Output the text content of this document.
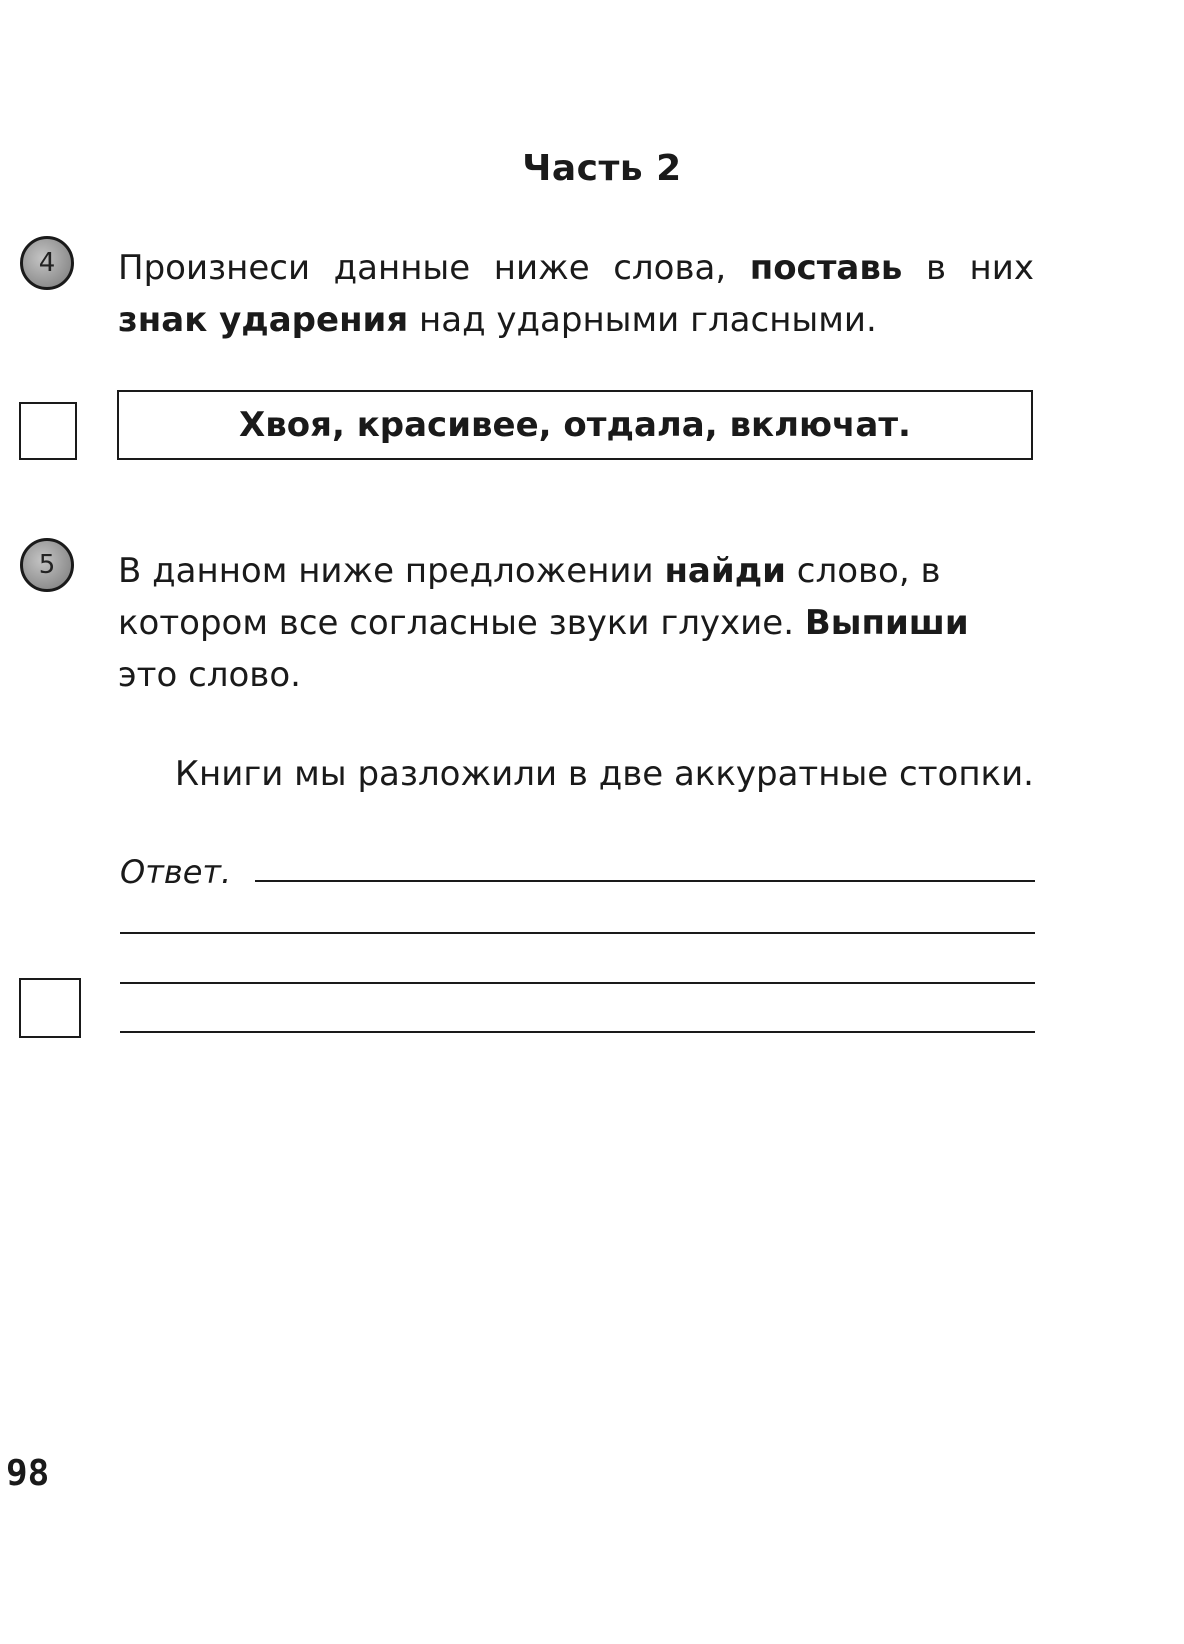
Часть 2
4 Произнеси данные ниже слова, поставь в них знак ударения над ударными гласными.
Хвоя, красивее, отдала, включат.
5 В данном ниже предложении найди слово, в котором все согласные звуки глухие. Выпиши это слово.
Книги мы разложили в две аккуратные стопки.
Ответ.
98
